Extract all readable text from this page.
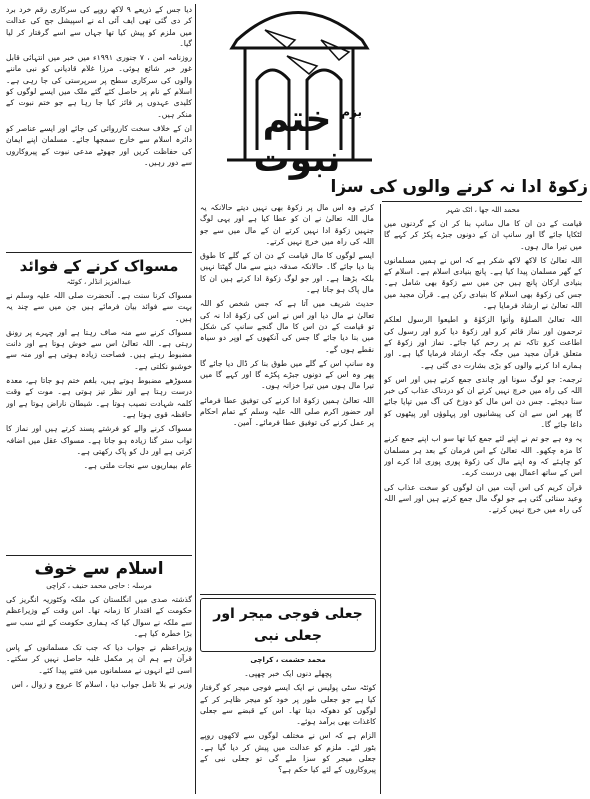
بزم
ختم نبوت
زکوۃ ادا نہ کرنے والوں کی سزا
محمد اللہ جھا ، اٹک شہر

قیامت کے دن ان کا مال سانپ بنا کر ان کے گردنوں میں لٹکایا جائے گا اور سانپ ان کے دونوں جبڑے پکڑ کر کہے گا میں تیرا مال ہوں۔

اللہ تعالیٰ کا لاکھ لاکھ شکر ہے کہ اس نے ہمیں مسلمانوں کے گھر مسلمان پیدا کیا ہے۔ پانچ بنیادی اسلام ہے۔ اسلام کے بنیادی ارکان پانچ ہیں جن میں سے زکوۃ بھی شامل ہے۔ جس کی زکوۃ بھی اسلام کا بنیادی رکن ہے۔ قرآن مجید میں اللہ تعالیٰ نے ارشاد فرمایا ہے۔

اللہ تعالیٰ الصلوٰۃ واٰتوا الزکوٰۃ و اطیعوا الرسول لعلکم ترحمون اور نماز قائم کرو اور زکوۃ دیا کرو اور رسول کی اطاعت کرو تاکہ تم پر رحم کیا جائے۔ نماز اور زکوۃ کے متعلق قرآن مجید میں جگہ جگہ ارشاد فرمایا گیا ہے۔ اور ہمارے ادا کرنے والوں کو بڑی بشارت دی گئی ہے۔

ترجمہ: جو لوگ سونا اور چاندی جمع کرتے ہیں اور اس کو اللہ کی راہ میں خرچ نہیں کرتے ان کو دردناک عذاب کی خبر سنا دیجئے۔ جس دن اس مال کو دوزخ کی آگ میں تپایا جائے گا پھر اس سے ان کی پیشانیوں اور پہلوؤں اور پیٹھوں کو داغا جائے گا۔

یہ وہ ہے جو تم نے اپنے لئے جمع کیا تھا سو اب اپنے جمع کرنے کا مزہ چکھو۔ اللہ تعالیٰ کے اس فرمان کے بعد ہر مسلمان کو چاہئے کہ وہ اپنے مال کی زکوۃ پوری پوری ادا کرے اور اس کے ساتھ اعمال بھی درست کرے۔

قرآن کریم کی اس آیت میں ان لوگوں کو سخت عذاب کی وعید سنائی گئی ہے جو لوگ مال جمع کرتے ہیں اور اسے اللہ کی راہ میں خرچ نہیں کرتے۔

کرتے وہ اس مال پر زکوۃ بھی نہیں دیتے حالانکہ یہ مال اللہ تعالیٰ نے ان کو عطا کیا ہے اور یہی لوگ جنہیں زکوۃ ادا نہیں کرتے ان کے مال میں سے جو اللہ کی راہ میں خرچ نہیں کرتے۔

ایسے لوگوں کا مال قیامت کے دن ان کے گلے کا طوق بنا دیا جائے گا۔ حالانکہ صدقہ دینے سے مال گھٹتا نہیں بلکہ بڑھتا ہے۔ اور جو لوگ زکوۃ ادا کرتے ہیں ان کا مال پاک ہو جاتا ہے۔

حدیث شریف میں آتا ہے کہ جس شخص کو اللہ تعالیٰ نے مال دیا اور اس نے اس کی زکوۃ ادا نہ کی تو قیامت کے دن اس کا مال گنجے سانپ کی شکل میں بنا دیا جائے گا جس کی آنکھوں کے اوپر دو سیاہ نقطے ہوں گے۔

وہ سانپ اس کے گلے میں طوق بنا کر ڈال دیا جائے گا پھر وہ اس کے دونوں جبڑے پکڑے گا اور کہے گا میں تیرا مال ہوں میں تیرا خزانہ ہوں۔

اللہ تعالیٰ ہمیں زکوۃ ادا کرنے کی توفیق عطا فرمائے اور حضور اکرم صلی اللہ علیہ وسلم کے تمام احکام پر عمل کرنے کی توفیق عطا فرمائے۔ آمین۔

دیا جس کے ذریعے ۹ لاکھ روپے کی سرکاری رقم خرد برد کر دی گئی تھی ایف آئی اے نے اسپیشل جج کی عدالت میں ملزم کو پیش کیا تھا جہاں سے اسے گرفتار کر لیا گیا۔

روزنامہ امن ، ۷ جنوری ۱۹۹۱ء میں خبر میں انتہائی قابل غور خبر شائع ہوئی۔ مرزا غلام قادیانی کو نبی ماننے والوں کی سرکاری سطح پر سرپرستی کی جا رہی ہے۔ اسلام کے نام پر حاصل کئے گئے ملک میں ایسے لوگوں کو کلیدی عہدوں پر فائز کیا جا رہا ہے جو ختم نبوت کے منکر ہیں۔

ان کے خلاف سخت کارروائی کی جائے اور ایسے عناصر کو دائرہ اسلام سے خارج سمجھا جائے۔ مسلمان اپنے ایمان کی حفاظت کریں اور جھوٹے مدعی نبوت کے پیروکاروں سے دور رہیں۔

مسواک کرنے کے فوائد
عبدالعزیز انڈلر ، کوئٹہ

مسواک کرنا سنت ہے۔ آنحضرت صلی اللہ علیہ وسلم نے بہت سے فوائد بیان فرمائے ہیں جن میں سے چند یہ ہیں۔

مسواک کرنے سے منہ صاف رہتا ہے اور چہرے پر رونق رہتی ہے۔ اللہ تعالیٰ اس سے خوش ہوتا ہے اور دانت مضبوط رہتے ہیں۔ فصاحت زیادہ ہوتی ہے اور منہ سے خوشبو نکلتی ہے۔

مسوڑھے مضبوط ہوتے ہیں، بلغم ختم ہو جاتا ہے، معدہ درست رہتا ہے اور نظر تیز ہوتی ہے۔ موت کے وقت کلمہ شہادت نصیب ہوتا ہے۔ شیطان ناراض ہوتا ہے اور حافظہ قوی ہوتا ہے۔

مسواک کرنے والے کو فرشتے پسند کرتے ہیں اور نماز کا ثواب ستر گنا زیادہ ہو جاتا ہے۔ مسواک عقل میں اضافہ کرتی ہے اور دل کو پاک رکھتی ہے۔

عام بیماریوں سے نجات ملتی ہے۔

اسلام سے خوف
مرسلہ : حاجی محمد حنیف ، کراچی

گذشتہ صدی میں انگلستان کی ملکہ وکٹوریہ انگریز کی حکومت کے اقتدار کا زمانہ تھا۔ اس وقت کے وزیراعظم سے ملکہ نے سوال کیا کہ ہماری حکومت کے لئے سب سے بڑا خطرہ کیا ہے۔

وزیراعظم نے جواب دیا کہ جب تک مسلمانوں کے پاس قرآن ہے ہم ان پر مکمل غلبہ حاصل نہیں کر سکتے۔ اسی لئے انہوں نے مسلمانوں میں فتنے پیدا کئے۔

وزیر نے بلا تامل جواب دیا ، اسلام کا عروج و زوال ، اس

جعلی فوجی میجر اور جعلی نبی
محمد حشمت ، کراچی

پچھلے دنوں ایک خبر چھپی۔

کوئٹہ سٹی پولیس نے ایک ایسے فوجی میجر کو گرفتار کیا ہے جو جعلی طور پر خود کو میجر ظاہر کر کے لوگوں کو دھوکہ دیتا تھا۔ اس کے قبضے سے جعلی کاغذات بھی برآمد ہوئے۔

الزام ہے کہ اس نے مختلف لوگوں سے لاکھوں روپے بٹور لئے۔ ملزم کو عدالت میں پیش کر دیا گیا ہے۔ جعلی میجر کو سزا ملے گی تو جعلی نبی کے پیروکاروں کے لئے کیا حکم ہے؟
